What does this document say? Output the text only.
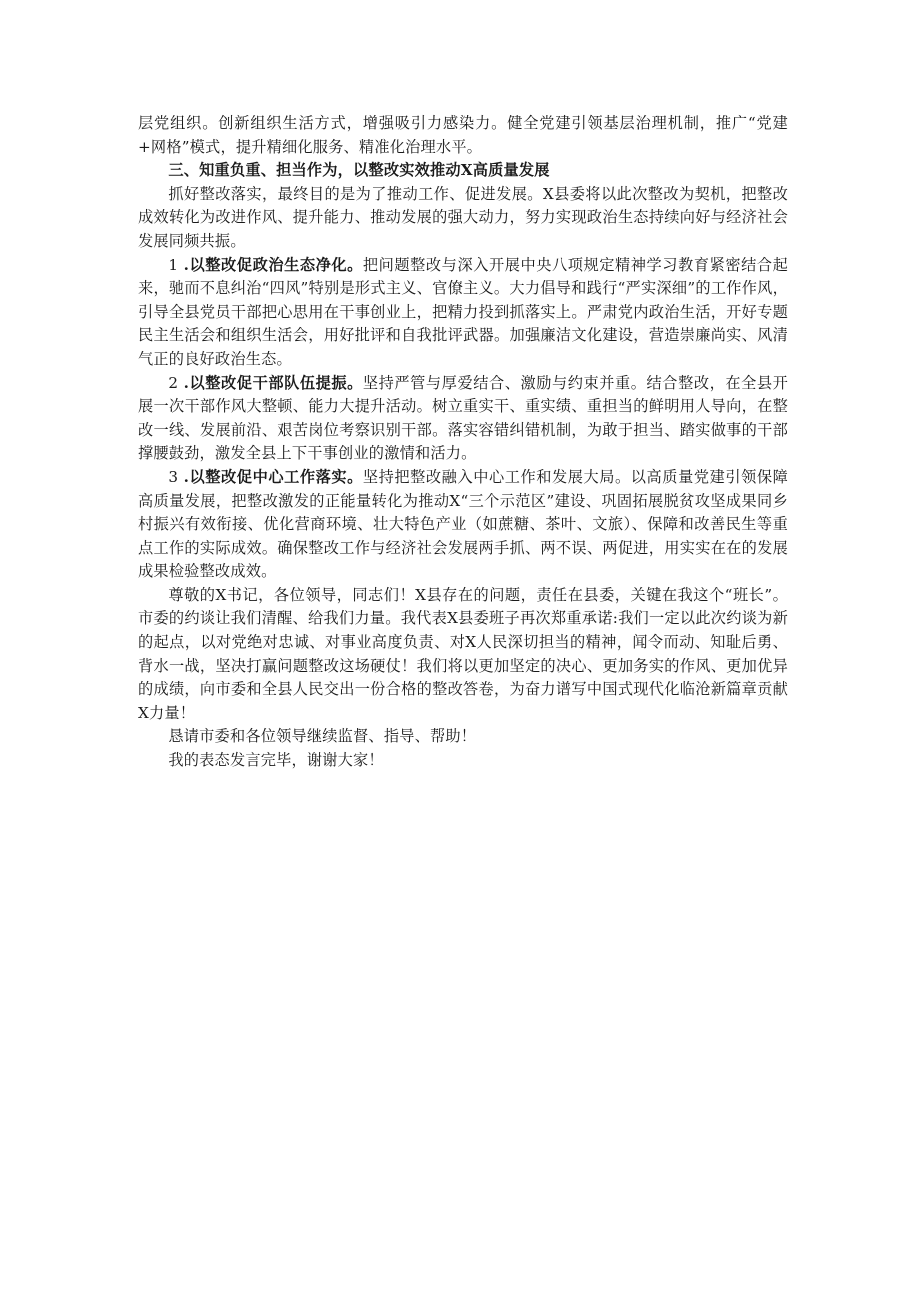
层党组织。创新组织生活方式，增强吸引力感染力。健全党建引领基层治理机制，推广“党建+网格”模式，提升精细化服务、精准化治理水平。

三、知重负重、担当作为，以整改实效推动X高质量发展

抓好整改落实，最终目的是为了推动工作、促进发展。X县委将以此次整改为契机，把整改成效转化为改进作风、提升能力、推动发展的强大动力，努力实现政治生态持续向好与经济社会发展同频共振。

1 .以整改促政治生态净化。把问题整改与深入开展中央八项规定精神学习教育紧密结合起来，驰而不息纠治“四风”特别是形式主义、官僚主义。大力倡导和践行“严实深细”的工作作风，引导全县党员干部把心思用在干事创业上，把精力投到抓落实上。严肃党内政治生活，开好专题民主生活会和组织生活会，用好批评和自我批评武器。加强廉洁文化建设，营造崇廉尚实、风清气正的良好政治生态。

2 .以整改促干部队伍提振。坚持严管与厚爱结合、激励与约束并重。结合整改，在全县开展一次干部作风大整顿、能力大提升活动。树立重实干、重实绩、重担当的鲜明用人导向，在整改一线、发展前沿、艰苦岗位考察识别干部。落实容错纠错机制，为敢于担当、踏实做事的干部撑腰鼓劲，激发全县上下干事创业的激情和活力。

3 .以整改促中心工作落实。坚持把整改融入中心工作和发展大局。以高质量党建引领保障高质量发展，把整改激发的正能量转化为推动X“三个示范区”建设、巩固拓展脱贫攻坚成果同乡村振兴有效衔接、优化营商环境、壮大特色产业（如蔗糖、茶叶、文旅）、保障和改善民生等重点工作的实际成效。确保整改工作与经济社会发展两手抓、两不误、两促进，用实实在在的发展成果检验整改成效。

尊敬的X书记，各位领导，同志们！X县存在的问题，责任在县委，关键在我这个“班长”。市委的约谈让我们清醒、给我们力量。我代表X县委班子再次郑重承诺:我们一定以此次约谈为新的起点，以对党绝对忠诚、对事业高度负责、对X人民深切担当的精神，闻令而动、知耻后勇、背水一战，坚决打赢问题整改这场硬仗！我们将以更加坚定的决心、更加务实的作风、更加优异的成绩，向市委和全县人民交出一份合格的整改答卷，为奋力谱写中国式现代化临沧新篇章贡献X力量！

恳请市委和各位领导继续监督、指导、帮助！

我的表态发言完毕，谢谢大家！
